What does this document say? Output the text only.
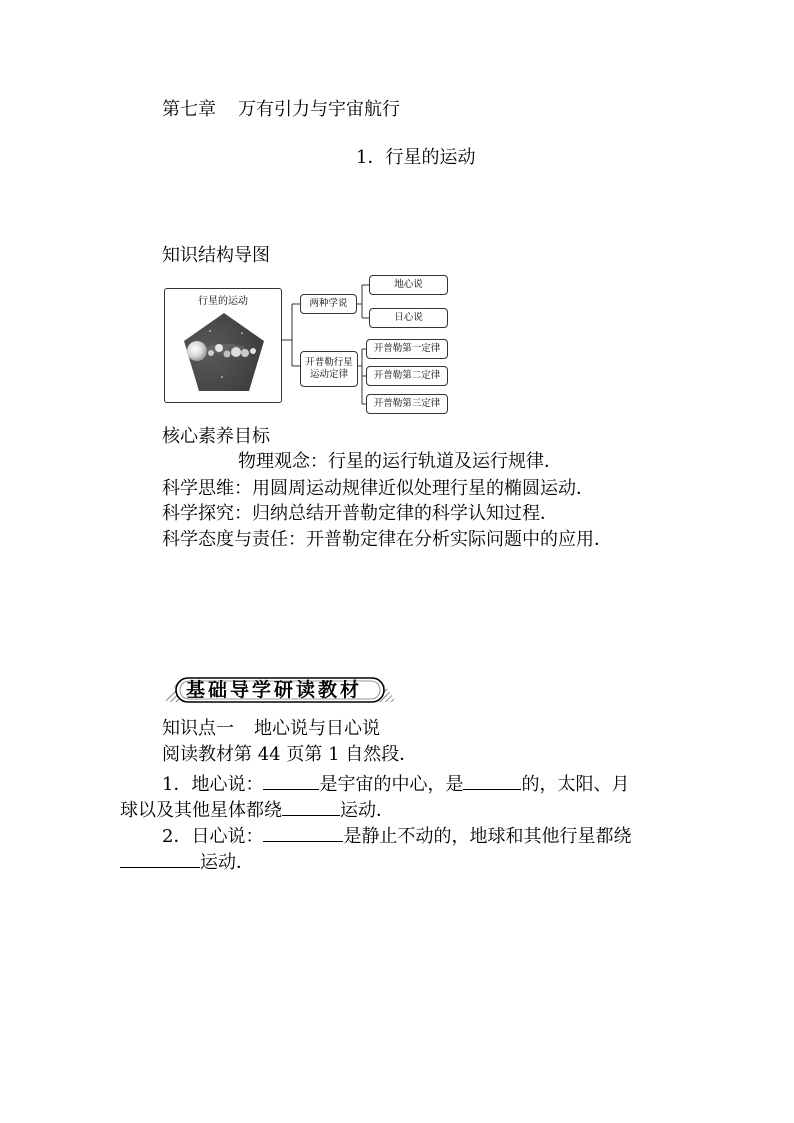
第七章 万有引力与宇宙航行
1．行星的运动
知识结构导图
行星的运动	两种学说
开普勒行星
运动定律
地心说
日心说
开普勒第一定律
开普勒第二定律
开普勒第三定律
核心素养目标
物理观念：行星的运行轨道及运行规律．
科学思维：用圆周运动规律近似处理行星的椭圆运动．
科学探究：归纳总结开普勒定律的科学认知过程．
科学态度与责任：开普勒定律在分析实际问题中的应用．
基础导学研读教材
知识点一 地心说与日心说
阅读教材第 44 页第 1 自然段．
1．地心说：	是宇宙的中心，是	的，太阳、月
球以及其他星体都绕	运动．
2．日心说：	是静止不动的，地球和其他行星都绕
运动．
